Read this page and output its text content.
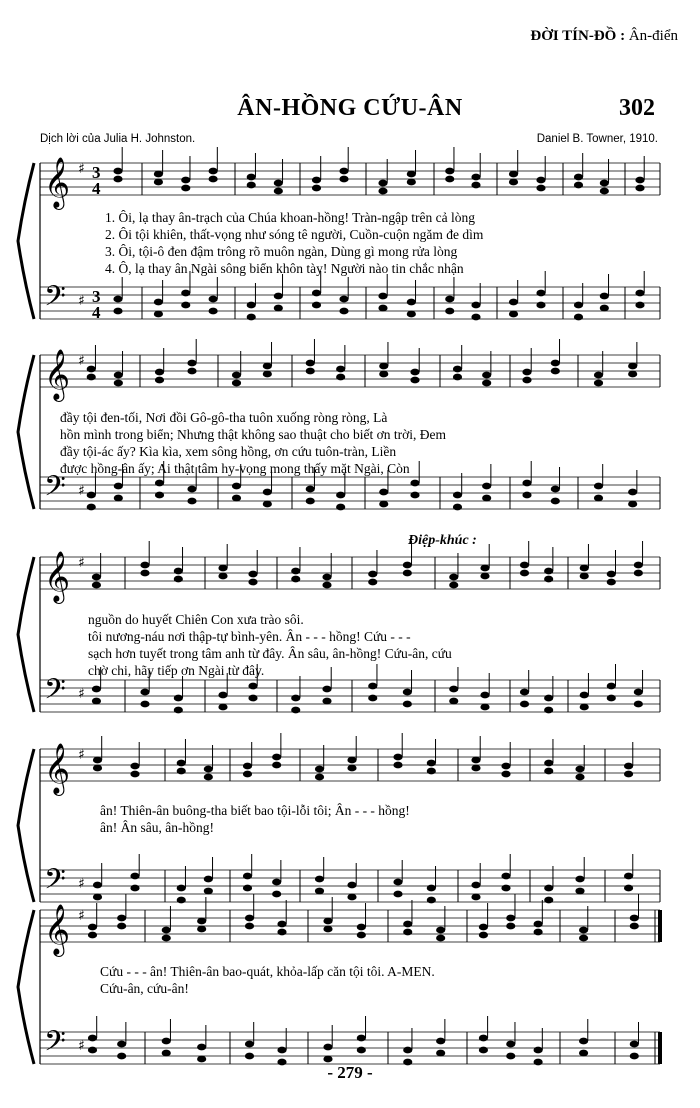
𝄞 ♯ 3
4
𝄢 ♯ 3
4
𝄞 ♯
𝄢 ♯
𝄞 ♯
𝄢 ♯
𝄞 ♯
𝄢 ♯
𝄞 ♯
𝄢 ♯
ĐỜI TÍN-ĐỒ : Ân-điển
ÂN-HỒNG CỨU-ÂN	302
Dịch lời của Julia H. Johnston.	Daniel B. Towner, 1910.
Điệp-khúc :
1. Ôi, lạ thay ân-trạch của Chúa khoan-hồng! Tràn-ngập trên cả lòng
2. Ôi tội khiên, thất-vọng như sóng tê người, Cuồn-cuộn ngăm đe dìm
3. Ôi, tội-ô đen đậm trông rõ muôn ngàn, Dùng gì mong rửa lòng
4. Ô, lạ thay ân Ngài sông biển khôn tày! Người nào tin chắc nhận
đầy tội đen-tối, Nơi đồi Gô-gô-tha tuôn xuống ròng ròng, Là
hồn mình trong biển; Nhưng thật không sao thuật cho biết ơn trời, Đem
đầy tội-ác ấy? Kìa kìa, xem sông hồng, ơn cứu tuôn-tràn, Liền
được hồng-ân ấy; Ai thật tâm hy-vọng mong thấy mặt Ngài, Còn
nguồn do huyết Chiên Con xưa trào sôi.
tôi nương-náu nơi thập-tự bình-yên. Ân - - - hồng! Cứu - - -
sạch hơn tuyết trong tâm anh từ đây. Ân sâu, ân-hồng! Cứu-ân, cứu
chờ chi, hãy tiếp ơn Ngài từ đây.
ân! Thiên-ân buông-tha biết bao tội-lỗi tôi; Ân - - - hồng!
ân! Ân sâu, ân-hồng!
Cứu - - - ân! Thiên-ân bao-quát, khỏa-lấp căn tội tôi. A-MEN.
Cứu-ân, cứu-ân!
- 279 -
